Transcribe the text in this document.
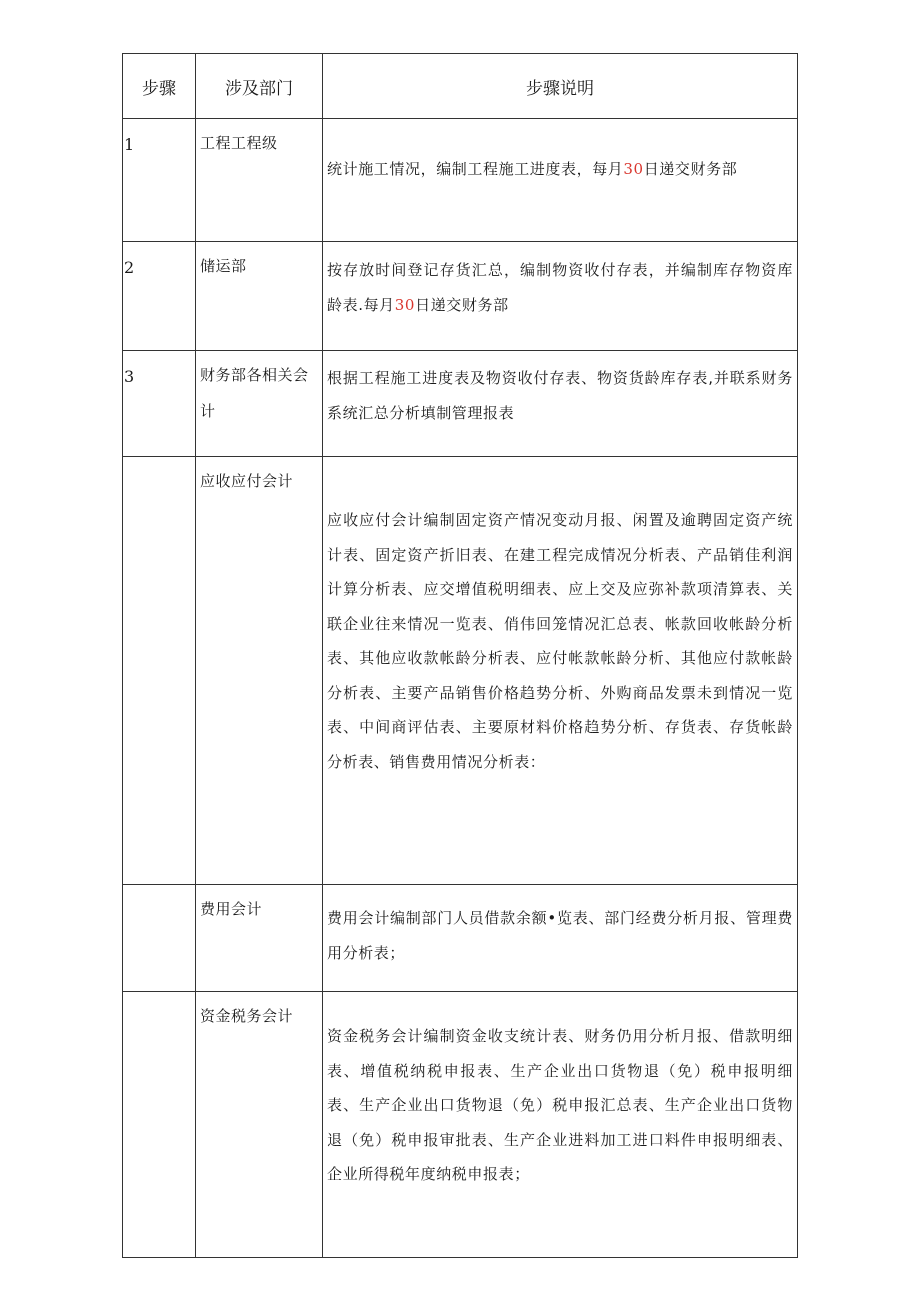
步骤	涉及部门	步骤说明
1	工程工程级	统计施工情况，编制工程施工进度表，每月30日递交财务部
2	储运部	按存放时间登记存货汇总，编制物资收付存表，并编制库存物资库龄表.每月30日递交财务部
3	财务部各相关会计	根据工程施工进度表及物资收付存表、物资货龄库存表,并联系财务系统汇总分析填制管理报表
	应收应付会计	应收应付会计编制固定资产情况变动月报、闲置及逾聘固定资产统计表、固定资产折旧表、在建工程完成情况分析表、产品销佳利润计算分析表、应交增值税明细表、应上交及应弥补款项清算表、关联企业往来情况一览表、俏伟回笼情况汇总表、帐款回收帐龄分析表、其他应收款帐龄分析表、应付帐款帐龄分析、其他应付款帐龄分析表、主要产品销售价格趋势分析、外购商品发票未到情况一览表、中间商评估表、主要原材料价格趋势分析、存货表、存货帐龄分析表、销售费用情况分析表：
	费用会计	费用会计编制部门人员借款余额•览表、部门经费分析月报、管理费用分析表；
	资金税务会计	资金税务会计编制资金收支统计表、财务仍用分析月报、借款明细表、增值税纳税申报表、生产企业出口货物退（免）税申报明细表、生产企业出口货物退（免）税申报汇总表、生产企业出口货物退（免）税申报审批表、生产企业进料加工进口料件申报明细表、企业所得税年度纳税申报表；
